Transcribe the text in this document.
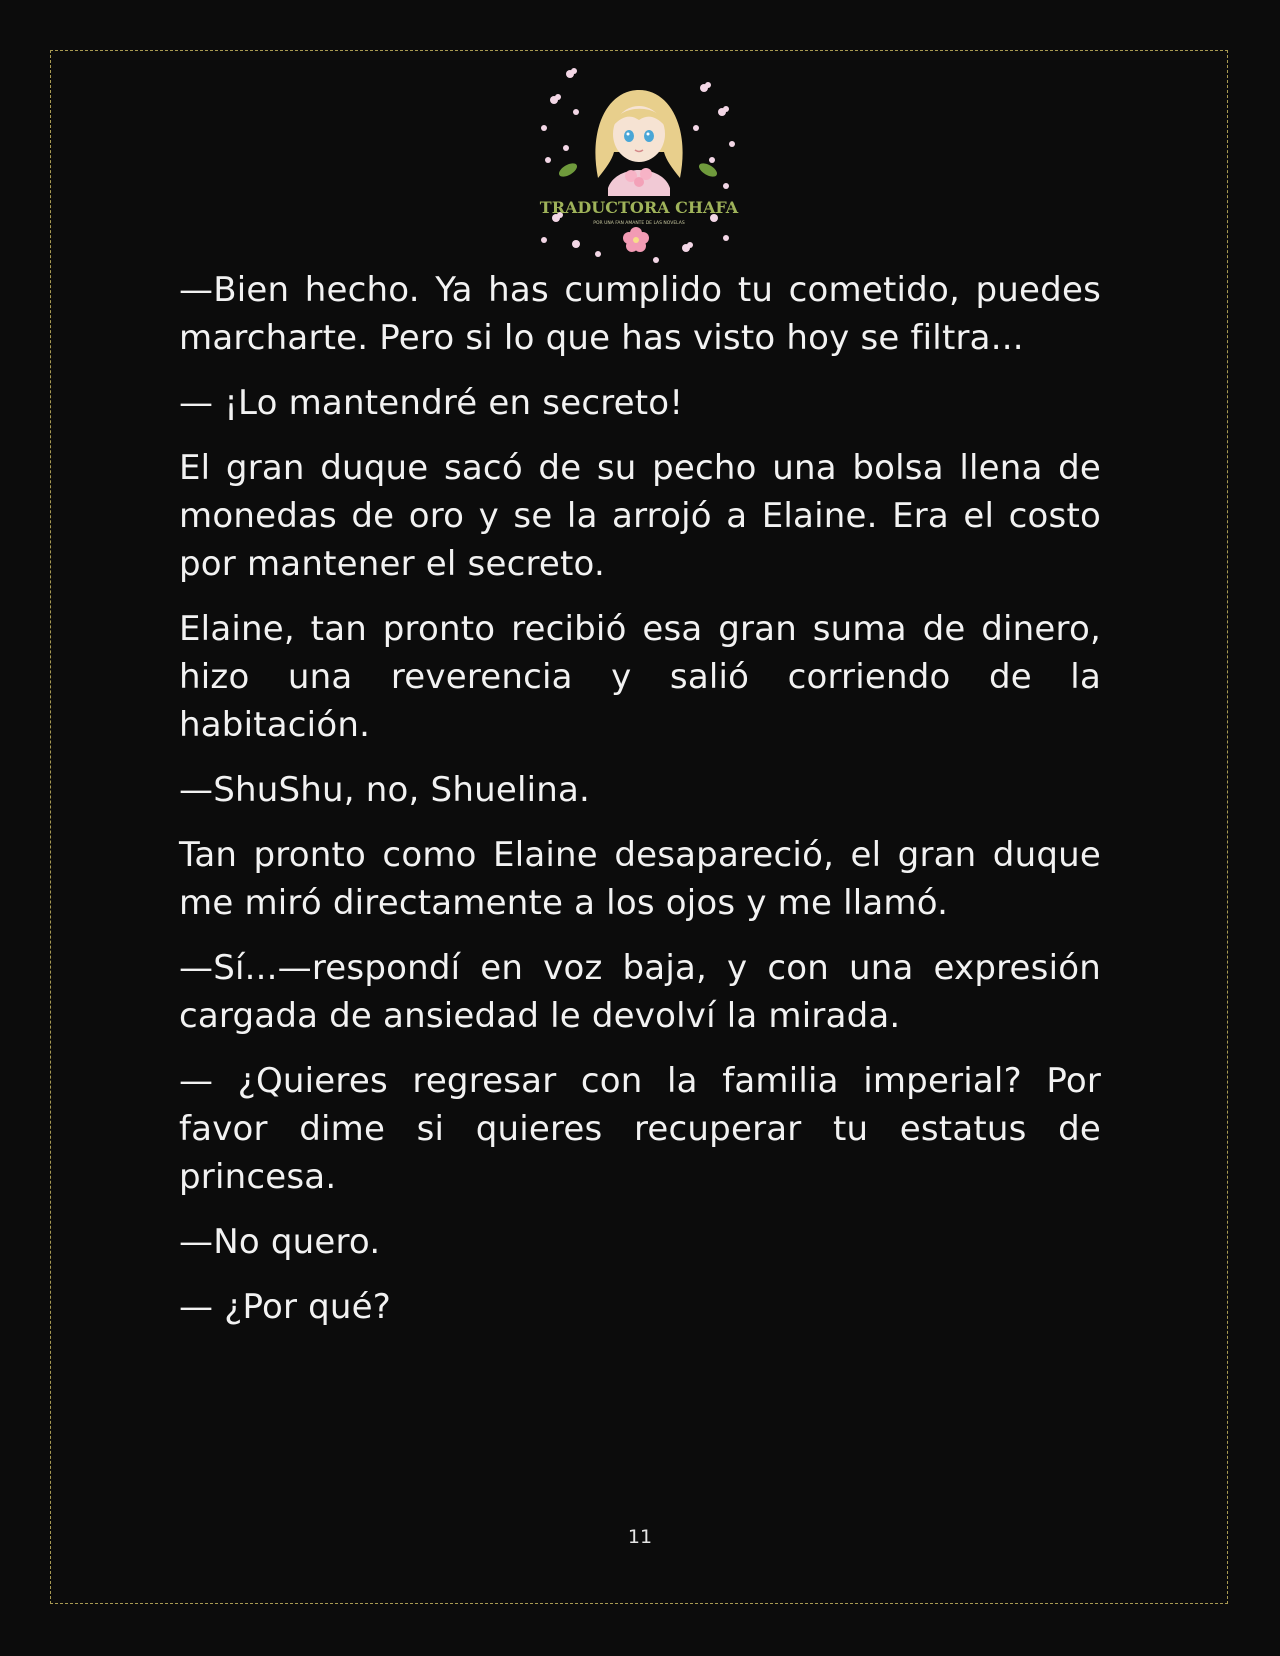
TRADUCTORA CHAFA
POR UNA FAN AMANTE DE LAS NOVELAS

—Bien hecho. Ya has cumplido tu cometido, puedes marcharte. Pero si lo que has visto hoy se filtra...

— ¡Lo mantendré en secreto!

El gran duque sacó de su pecho una bolsa llena de monedas de oro y se la arrojó a Elaine. Era el costo por mantener el secreto.

Elaine, tan pronto recibió esa gran suma de dinero, hizo una reverencia y salió corriendo de la habitación.

—ShuShu, no, Shuelina.

Tan pronto como Elaine desapareció, el gran duque me miró directamente a los ojos y me llamó.

—Sí...—respondí en voz baja, y con una expresión cargada de ansiedad le devolví la mirada.

— ¿Quieres regresar con la familia imperial? Por favor dime si quieres recuperar tu estatus de princesa.

—No quero.

— ¿Por qué?

11
